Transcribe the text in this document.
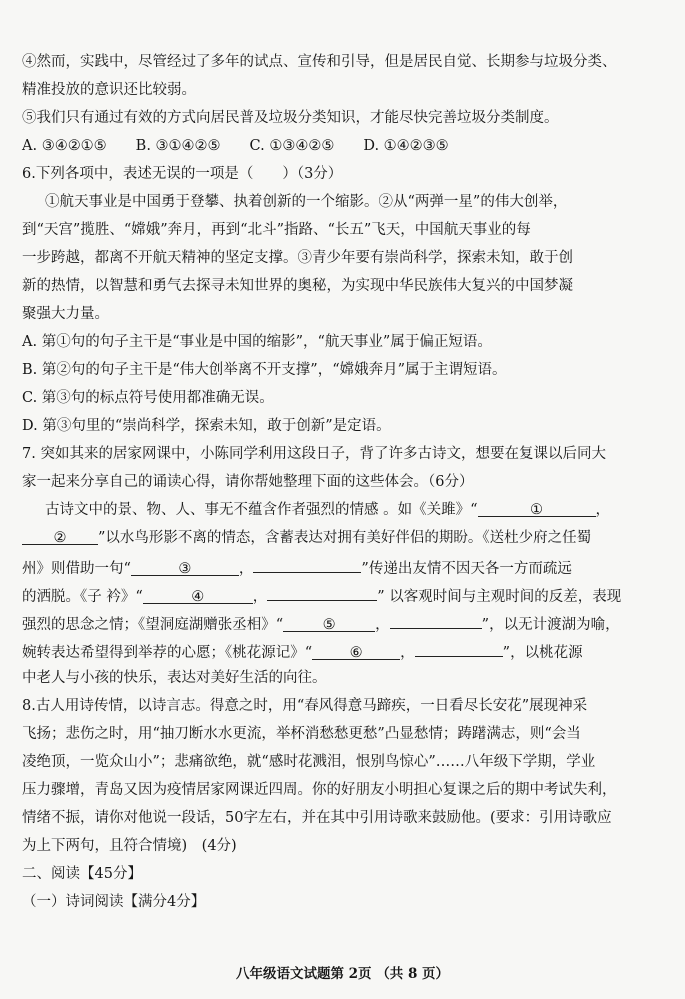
④然而，实践中，尽管经过了多年的试点、宣传和引导，但是居民自觉、长期参与垃圾分类、
精准投放的意识还比较弱。
⑤我们只有通过有效的方式向居民普及垃圾分类知识，才能尽快完善垃圾分类制度。
A. ③④②①⑤　　B. ③①④②⑤　　C. ①③④②⑤　　D. ①④②③⑤
6.下列各项中，表述无误的一项是（　　）（3分）
①航天事业是中国勇于登攀、执着创新的一个缩影。②从“两弹一星”的伟大创举，
到“天宫”揽胜、“嫦娥”奔月，再到“北斗”指路、“长五”飞天，中国航天事业的每
一步跨越，都离不开航天精神的坚定支撑。③青少年要有崇尚科学，探索未知，敢于创
新的热情，以智慧和勇气去探寻未知世界的奥秘，为实现中华民族伟大复兴的中国梦凝
聚强大力量。
A. 第①句的句子主干是“事业是中国的缩影”，“航天事业”属于偏正短语。
B. 第②句的句子主干是“伟大创举离不开支撑”，“嫦娥奔月”属于主谓短语。
C. 第③句的标点符号使用都准确无误。
D. 第③句里的“崇尚科学，探索未知，敢于创新”是定语。
7. 突如其来的居家网课中，小陈同学利用这段日子，背了许多古诗文，想要在复课以后同大
家一起来分享自己的诵读心得，请你帮她整理下面的这些体会。（6分）
古诗文中的景、物、人、事无不蕴含作者强烈的情感 。如《关雎》“	①	，
② ”以水鸟形影不离的情态，含蓄表达对拥有美好伴侣的期盼。《送杜少府之任蜀
州》则借助一句“	③	，	”传递出友情不因天各一方而疏远
的洒脱。《子 衿》“	④	，	” 以客观时间与主观时间的反差，表现
强烈的思念之情；《望洞庭湖赠张丞相》“	⑤	，	”，以无计渡湖为喻，
婉转表达希望得到举荐的心愿；《桃花源记》“	⑥	，	”，以桃花源
中老人与小孩的快乐，表达对美好生活的向往。
8.古人用诗传情，以诗言志。得意之时，用“春风得意马蹄疾，一日看尽长安花”展现神采
飞扬；悲伤之时，用“抽刀断水水更流，举杯消愁愁更愁”凸显愁情；踌躇满志，则“会当
凌绝顶，一览众山小”；悲痛欲绝，就“感时花溅泪，恨别鸟惊心”……八年级下学期，学业
压力骤增，青岛又因为疫情居家网课近四周。你的好朋友小明担心复课之后的期中考试失利，
情绪不振，请你对他说一段话，50字左右，并在其中引用诗歌来鼓励他。(要求：引用诗歌应
为上下两句，且符合情境)　(4分)
二、阅读【45分】
（一）诗词阅读【满分4分】
八年级语文试题第 2页 （共 8 页）
